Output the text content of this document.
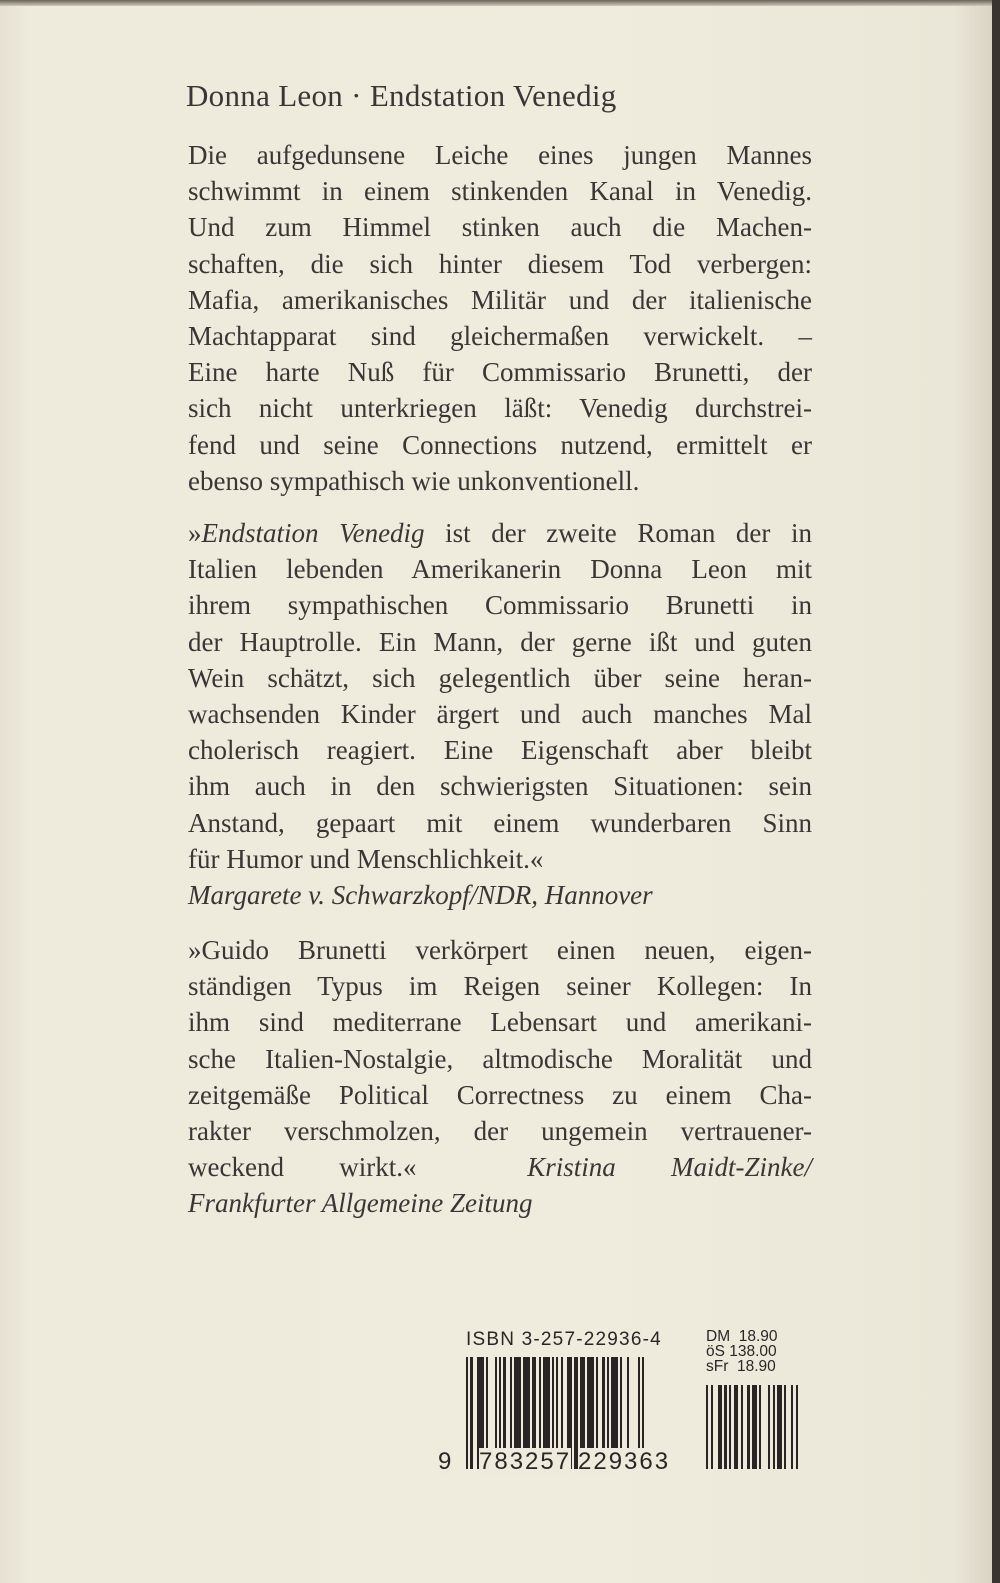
Donna Leon · Endstation Venedig
Die aufgedunsene Leiche eines jungen Mannes
schwimmt in einem stinkenden Kanal in Venedig.
Und zum Himmel stinken auch die Machen-
schaften, die sich hinter diesem Tod verbergen:
Mafia, amerikanisches Militär und der italienische
Machtapparat sind gleichermaßen verwickelt. –
Eine harte Nuß für Commissario Brunetti, der
sich nicht unterkriegen läßt: Venedig durchstrei-
fend und seine Connections nutzend, ermittelt er
ebenso sympathisch wie unkonventionell.
»Endstation Venedig ist der zweite Roman der in
Italien lebenden Amerikanerin Donna Leon mit
ihrem sympathischen Commissario Brunetti in
der Hauptrolle. Ein Mann, der gerne ißt und guten
Wein schätzt, sich gelegentlich über seine heran-
wachsenden Kinder ärgert und auch manches Mal
cholerisch reagiert. Eine Eigenschaft aber bleibt
ihm auch in den schwierigsten Situationen: sein
Anstand, gepaart mit einem wunderbaren Sinn
für Humor und Menschlichkeit.«
Margarete v. Schwarzkopf/NDR, Hannover
»Guido Brunetti verkörpert einen neuen, eigen-
ständigen Typus im Reigen seiner Kollegen: In
ihm sind mediterrane Lebensart und amerikani-
sche Italien-Nostalgie, altmodische Moralität und
zeitgemäße Political Correctness zu einem Cha-
rakter verschmolzen, der ungemein vertrauener-
weckend wirkt.«	Kristina Maidt-Zinke/
Frankfurter Allgemeine Zeitung
ISBN 3-257-22936-4	DM  18.90
öS 138.00
sFr  18.90
9 783257 229363
